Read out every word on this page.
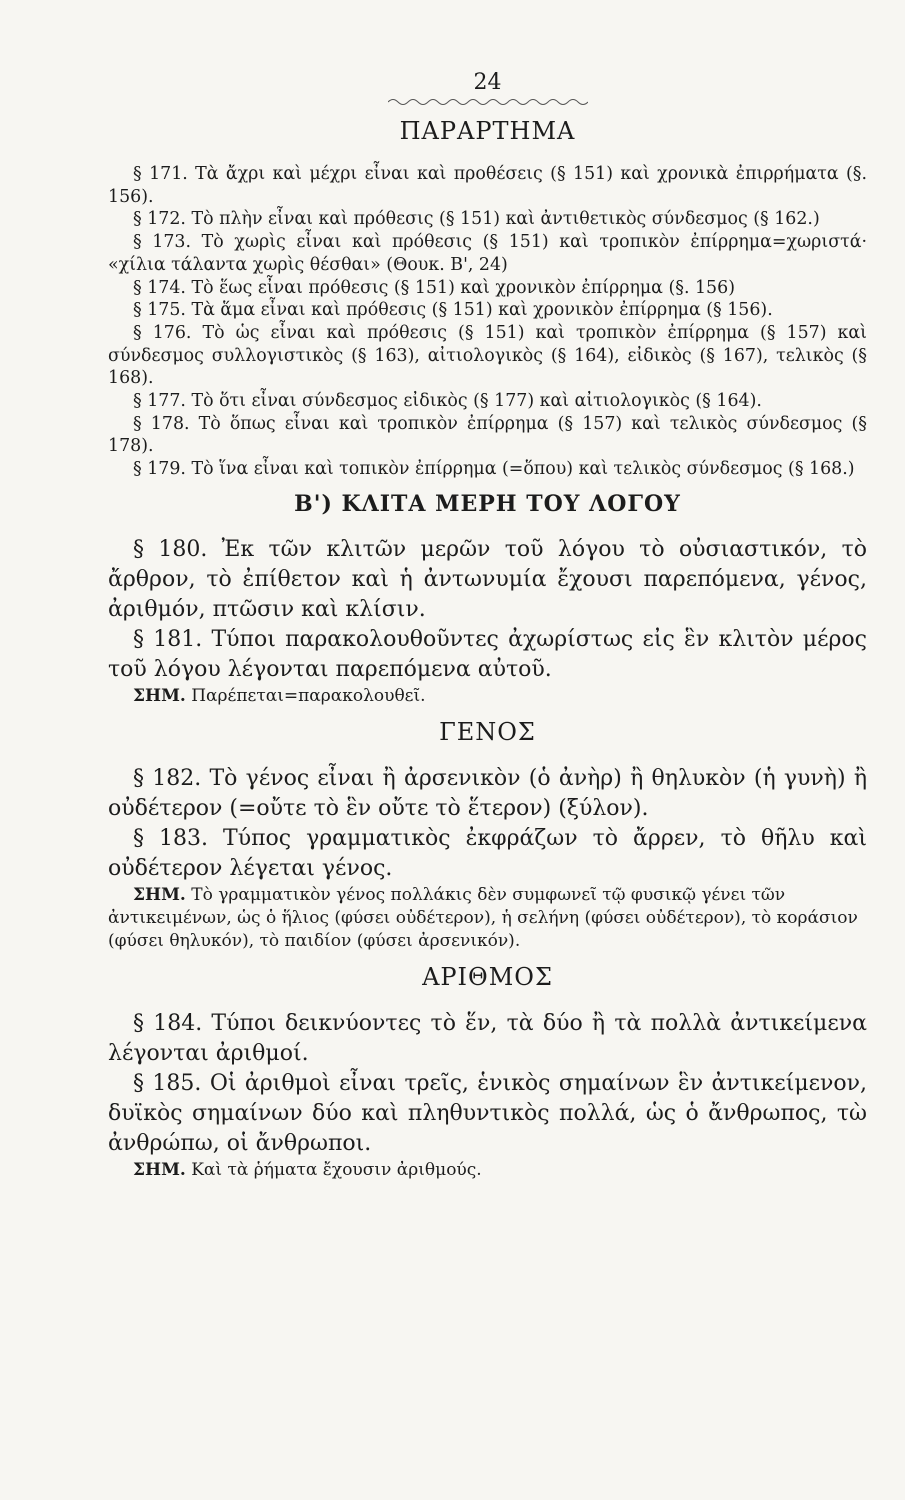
24
ΠΑΡΑΡΤΗΜΑ

§ 171. Τὰ ἄχρι καὶ μέχρι εἶναι καὶ προθέσεις (§ 151) καὶ χρονικὰ ἐπιρρήματα (§. 156).

§ 172. Τὸ πλὴν εἶναι καὶ πρόθεσις (§ 151) καὶ ἀντιθετικὸς σύνδεσμος (§ 162.)

§ 173. Τὸ χωρὶς εἶναι καὶ πρόθεσις (§ 151) καὶ τροπικὸν ἐπίρρημα=χωριστά· «χίλια τάλαντα χωρὶς θέσθαι» (Θουκ. Β', 24)

§ 174. Τὸ ἕως εἶναι πρόθεσις (§ 151) καὶ χρονικὸν ἐπίρρημα (§. 156)

§ 175. Τὰ ἅμα εἶναι καὶ πρόθεσις (§ 151) καὶ χρονικὸν ἐπίρρημα (§ 156).

§ 176. Τὸ ὡς εἶναι καὶ πρόθεσις (§ 151) καὶ τροπικὸν ἐπίρρημα (§ 157) καὶ σύνδεσμος συλλογιστικὸς (§ 163), αἰτιολογικὸς (§ 164), εἰδικὸς (§ 167), τελικὸς (§ 168).

§ 177. Τὸ ὅτι εἶναι σύνδεσμος εἰδικὸς (§ 177) καὶ αἰτιολογικὸς (§ 164).

§ 178. Τὸ ὅπως εἶναι καὶ τροπικὸν ἐπίρρημα (§ 157) καὶ τελικὸς σύνδεσμος (§ 178).

§ 179. Τὸ ἵνα εἶναι καὶ τοπικὸν ἐπίρρημα (=ὅπου) καὶ τελικὸς σύνδεσμος (§ 168.)

Β') ΚΛΙΤΑ ΜΕΡΗ ΤΟΥ ΛΟΓΟΥ

§ 180. Ἐκ τῶν κλιτῶν μερῶν τοῦ λόγου τὸ οὐσιαστικόν, τὸ ἄρθρον, τὸ ἐπίθετον καὶ ἡ ἀντωνυμία ἔχουσι παρεπόμενα, γένος, ἀριθμόν, πτῶσιν καὶ κλίσιν.

§ 181. Τύποι παρακολουθοῦντες ἀχωρίστως εἰς ἓν κλιτὸν μέρος τοῦ λόγου λέγονται παρεπόμενα αὐτοῦ.

ΣΗΜ. Παρέπεται=παρακολουθεῖ.

ΓΕΝΟΣ

§ 182. Τὸ γένος εἶναι ἢ ἀρσενικὸν (ὁ ἀνὴρ) ἢ θηλυκὸν (ἡ γυνὴ) ἢ οὐδέτερον (=οὔτε τὸ ἓν οὔτε τὸ ἕτερον) (ξύλον).

§ 183. Τύπος γραμματικὸς ἐκφράζων τὸ ἄρρεν, τὸ θῆλυ καὶ οὐδέτερον λέγεται γένος.

ΣΗΜ. Τὸ γραμματικὸν γένος πολλάκις δὲν συμφωνεῖ τῷ φυσικῷ γένει τῶν ἀντικειμένων, ὡς ὁ ἥλιος (φύσει οὐδέτερον), ἡ σελήνη (φύσει οὐδέτερον), τὸ κοράσιον (φύσει θηλυκόν), τὸ παιδίον (φύσει ἀρσενικόν).

ΑΡΙΘΜΟΣ

§ 184. Τύποι δεικνύοντες τὸ ἕν, τὰ δύο ἢ τὰ πολλὰ ἀντικείμενα λέγονται ἀριθμοί.

§ 185. Οἱ ἀριθμοὶ εἶναι τρεῖς, ἑνικὸς σημαίνων ἓν ἀντικείμενον, δυϊκὸς σημαίνων δύο καὶ πληθυντικὸς πολλά, ὡς ὁ ἄνθρωπος, τὼ ἀνθρώπω, οἱ ἄνθρωποι.

ΣΗΜ. Καὶ τὰ ῥήματα ἔχουσιν ἀριθμούς.
